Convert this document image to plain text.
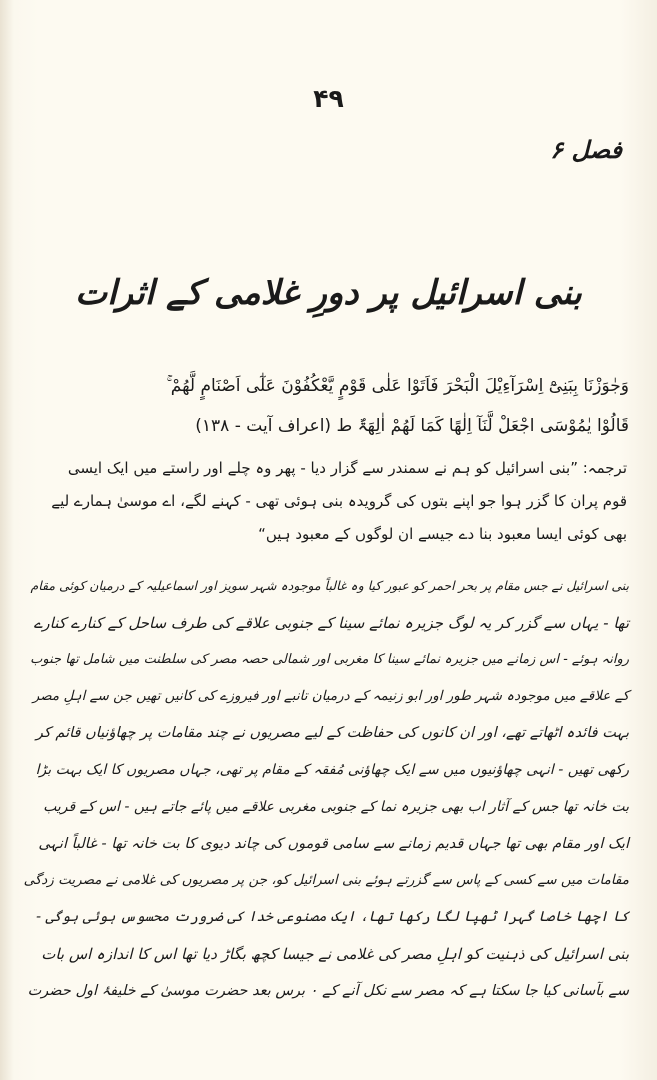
۴۹
فصل ۶
بنی اسرائیل پر دورِ غلامی کے اثرات
وَجٰوَزْنَا بِبَنِیْٓ اِسْرَآءِیْلَ الْبَحْرَ فَاَتَوْا عَلٰی قَوْمٍ یَّعْکُفُوْنَ عَلٰٓی اَصْنَامٍ لَّھُمْ ۚ
قَالُوْا یٰمُوْسَی اجْعَلْ لَّنَآ اِلٰھًا کَمَا لَھُمْ اٰلِھَۃٌ ط (اعراف آیت - ۱۳۸)
ترجمہ: ”بنی اسرائیل کو ہم نے سمندر سے گزار دیا - پھر وہ چلے اور راستے میں ایک ایسی
قوم پران کا گزر ہوا جو اپنے بتوں کی گرویدہ بنی ہوئی تھی - کہنے لگے، اے موسیٰ ہمارے لیے
بھی کوئی ایسا معبود بنا دے جیسے ان لوگوں کے معبود ہیں“
بنی اسرائیل نے جس مقام پر بحر احمر کو عبور کیا وہ غالباً موجودہ شہر سویز اور اسماعیلیہ کے درمیان کوئی مقام
تھا - یہاں سے گزر کر یہ لوگ جزیرہ نمائے سینا کے جنوبی علاقے کی طرف ساحل کے کنارے کنارے
روانہ ہوئے - اس زمانے میں جزیرہ نمائے سینا کا مغربی اور شمالی حصہ مصر کی سلطنت میں شامل تھا جنوب
کے علاقے میں موجودہ شہر طور اور ابو زنیمہ کے درمیان تانبے اور فیروزے کی کانیں تھیں جن سے اہلِ مصر
بہت فائدہ اٹھاتے تھے، اور ان کانوں کی حفاظت کے لیے مصریوں نے چند مقامات پر چھاؤنیاں قائم کر
رکھی تھیں - انہی چھاؤنیوں میں سے ایک چھاؤنی مُفقہ کے مقام پر تھی، جہاں مصریوں کا ایک بہت بڑا
بت خانہ تھا جس کے آثار اب بھی جزیرہ نما کے جنوبی مغربی علاقے میں پائے جاتے ہیں - اس کے قریب
ایک اور مقام بھی تھا جہاں قدیم زمانے سے سامی قوموں کی چاند دیوی کا بت خانہ تھا - غالباً انہی
مقامات میں سے کسی کے پاس سے گزرتے ہوئے بنی اسرائیل کو، جن پر مصریوں کی غلامی نے مصریت زدگی
کا اچھا خاصا گہرا ٹھپا لگا رکھا تھا، ایک مصنوعی خدا کی ضرورت محسوس ہوئی ہوگی -
بنی اسرائیل کی ذہنیت کو اہلِ مصر کی غلامی نے جیسا کچھ بگاڑ دیا تھا اس کا اندازہ اس بات
سے بآسانی کیا جا سکتا ہے کہ مصر سے نکل آنے کے ۰ برس بعد حضرت موسیٰ کے خلیفۂ اول حضرت
